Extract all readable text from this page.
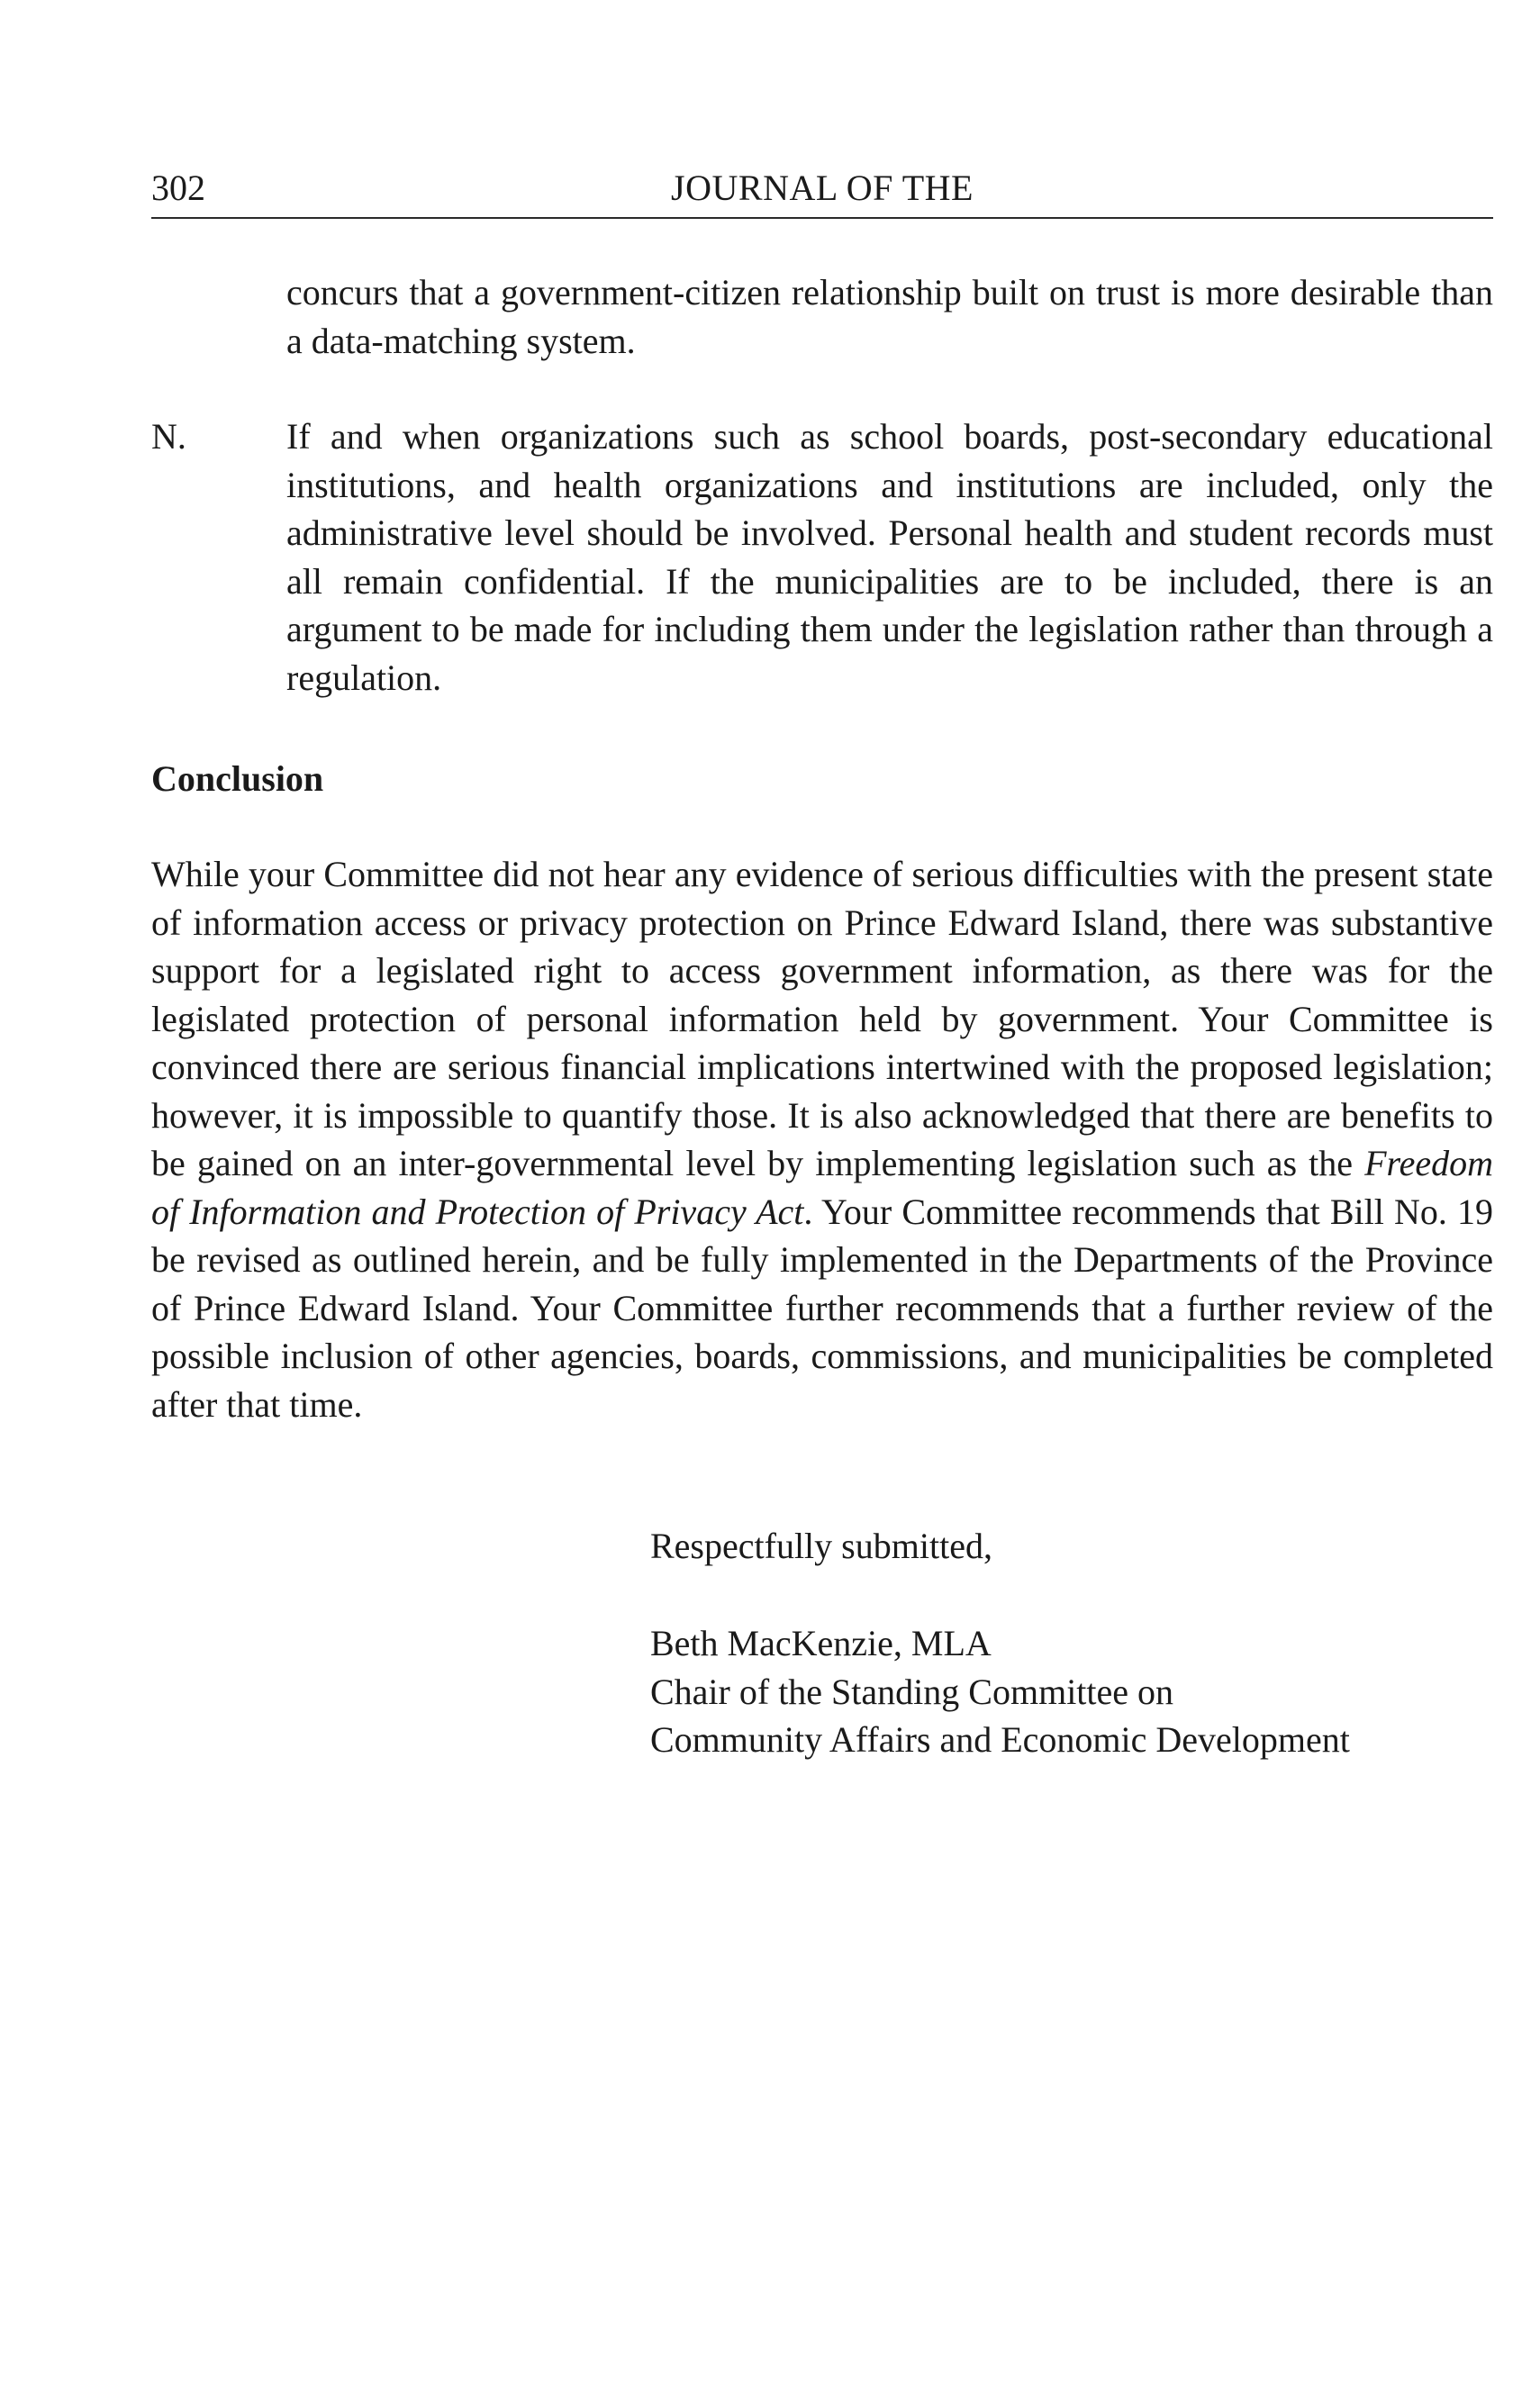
302	JOURNAL OF THE

concurs that a government-citizen relationship built on trust is more desirable than a data-matching system.

N.	If and when organizations such as school boards, post-secondary educational institutions, and health organizations and institutions are included, only the administrative level should be involved. Personal health and student records must all remain confidential. If the municipalities are to be included, there is an argument to be made for including them under the legislation rather than through a regulation.

Conclusion

While your Committee did not hear any evidence of serious difficulties with the present state of information access or privacy protection on Prince Edward Island, there was substantive support for a legislated right to access government information, as there was for the legislated protection of personal information held by government. Your Committee is convinced there are serious financial implications intertwined with the proposed legislation; however, it is impossible to quantify those. It is also acknowledged that there are benefits to be gained on an inter-governmental level by implementing legislation such as the Freedom of Information and Protection of Privacy Act. Your Committee recommends that Bill No. 19 be revised as outlined herein, and be fully implemented in the Departments of the Province of Prince Edward Island. Your Committee further recommends that a further review of the possible inclusion of other agencies, boards, commissions, and municipalities be completed after that time.

Respectfully submitted,
Beth MacKenzie, MLA
Chair of the Standing Committee on
Community Affairs and Economic Development
